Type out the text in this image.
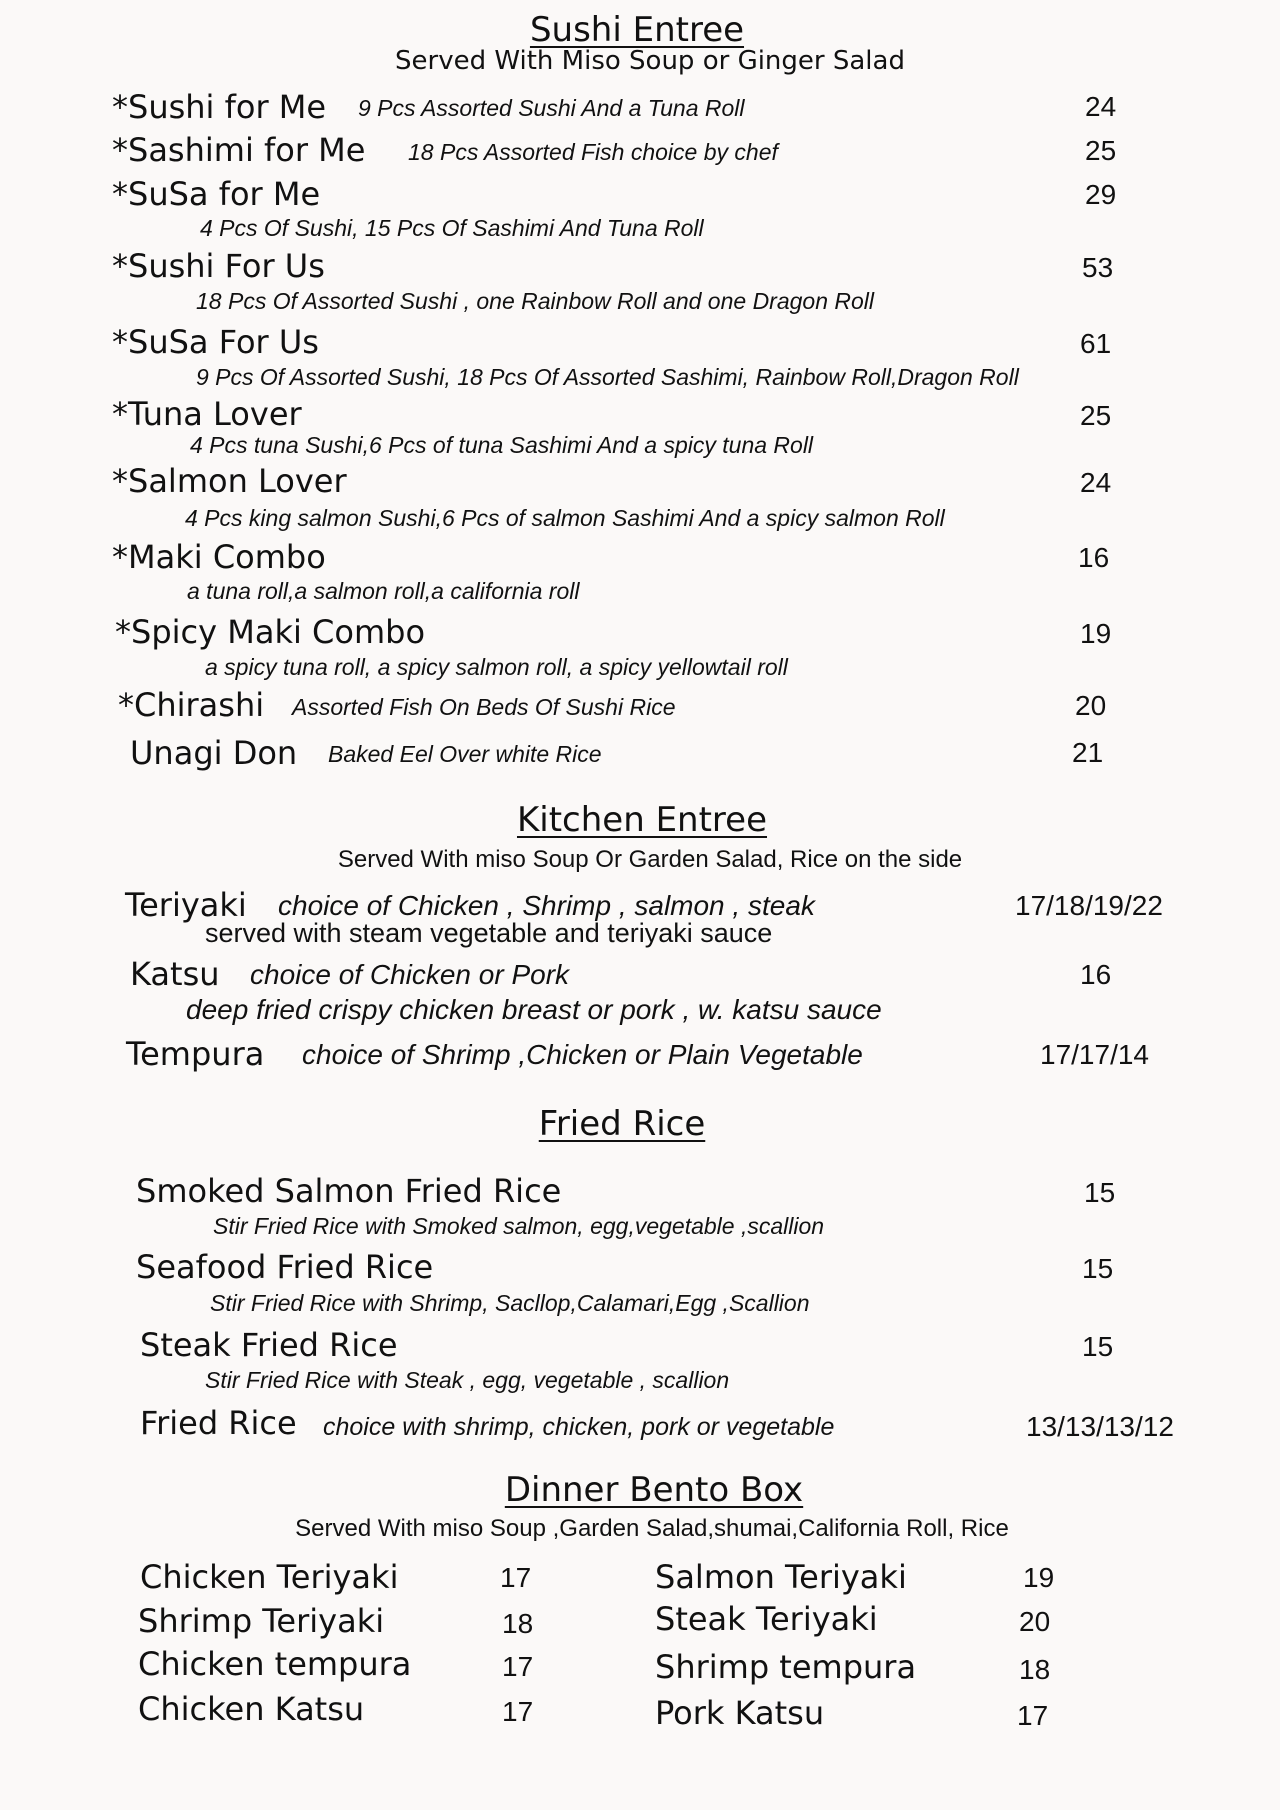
Sushi Entree
Served With Miso Soup or Ginger Salad
*Sushi for Me 9 Pcs Assorted Sushi And a Tuna Roll	24
*Sashimi for Me 18 Pcs Assorted Fish choice by chef	25
*SuSa for Me	29
4 Pcs Of Sushi, 15 Pcs Of Sashimi And Tuna Roll
*Sushi For Us	53
18 Pcs Of Assorted Sushi , one Rainbow Roll and one Dragon Roll
*SuSa For Us	61
9 Pcs Of Assorted Sushi, 18 Pcs Of Assorted Sashimi, Rainbow Roll,Dragon Roll
*Tuna Lover	25
4 Pcs tuna Sushi,6 Pcs of tuna Sashimi And a spicy tuna Roll
*Salmon Lover	24
4 Pcs king salmon Sushi,6 Pcs of salmon Sashimi And a spicy salmon Roll
*Maki Combo	16
a tuna roll,a salmon roll,a california roll
*Spicy Maki Combo	19
a spicy tuna roll, a spicy salmon roll, a spicy yellowtail roll
*Chirashi Assorted Fish On Beds Of Sushi Rice	20
Unagi Don Baked Eel Over white Rice	21
Kitchen Entree
Served With miso Soup Or Garden Salad, Rice on the side
Teriyaki choice of Chicken , Shrimp , salmon , steak	17/18/19/22
served with steam vegetable and teriyaki sauce
Katsu choice of Chicken or Pork	16
deep fried crispy chicken breast or pork , w. katsu sauce
Tempura choice of Shrimp ,Chicken or Plain Vegetable	17/17/14
Fried Rice
Smoked Salmon Fried Rice	15
Stir Fried Rice with Smoked salmon, egg,vegetable ,scallion
Seafood Fried Rice	15
Stir Fried Rice with Shrimp, Sacllop,Calamari,Egg ,Scallion
Steak Fried Rice	15
Stir Fried Rice with Steak , egg, vegetable , scallion
Fried Rice choice with shrimp, chicken, pork or vegetable	13/13/13/12
Dinner Bento Box
Served With miso Soup ,Garden Salad,shumai,California Roll, Rice
Chicken Teriyaki	17	Salmon Teriyaki	19
Shrimp Teriyaki	18	Steak Teriyaki	20
Chicken tempura	17	Shrimp tempura	18
Chicken Katsu	17	Pork Katsu	17
